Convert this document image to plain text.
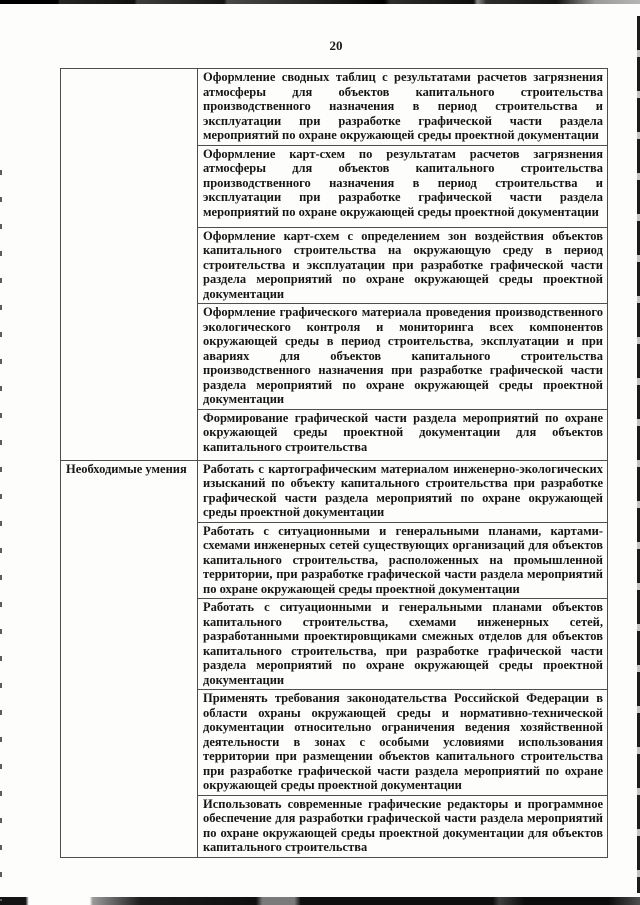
20
	Оформление сводных таблиц с результатами расчетов загрязнения атмосферы для объектов капитального строительства производственного назначения в период строительства и эксплуатации при разработке графической части раздела мероприятий по охране окружающей среды проектной документации
	Оформление карт-схем по результатам расчетов загрязнения атмосферы для объектов капитального строительства производственного назначения в период строительства и эксплуатации при разработке графической части раздела мероприятий по охране окружающей среды проектной документации
	Оформление карт-схем с определением зон воздействия объектов капитального строительства на окружающую среду в период строительства и эксплуатации при разработке графической части раздела мероприятий по охране окружающей среды проектной документации
	Оформление графического материала проведения производственного экологического контроля и мониторинга всех компонентов окружающей среды в период строительства, эксплуатации и при авариях для объектов капитального строительства производственного назначения при разработке графической части раздела мероприятий по охране окружающей среды проектной документации
	Формирование графической части раздела мероприятий по охране окружающей среды проектной документации для объектов капитального строительства
Необходимые умения	Работать с картографическим материалом инженерно-экологических изысканий по объекту капитального строительства при разработке графической части раздела мероприятий по охране окружающей среды проектной документации
	Работать с ситуационными и генеральными планами, картами-схемами инженерных сетей существующих организаций для объектов капитального строительства, расположенных на промышленной территории, при разработке графической части раздела мероприятий по охране окружающей среды проектной документации
	Работать с ситуационными и генеральными планами объектов капитального строительства, схемами инженерных сетей, разработанными проектировщиками смежных отделов для объектов капитального строительства, при разработке графической части раздела мероприятий по охране окружающей среды проектной документации
	Применять требования законодательства Российской Федерации в области охраны окружающей среды и нормативно-технической документации относительно ограничения ведения хозяйственной деятельности в зонах с особыми условиями использования территории при размещении объектов капитального строительства при разработке графической части раздела мероприятий по охране окружающей среды проектной документации
	Использовать современные графические редакторы и программное обеспечение для разработки графической части раздела мероприятий по охране окружающей среды проектной документации для объектов капитального строительства
